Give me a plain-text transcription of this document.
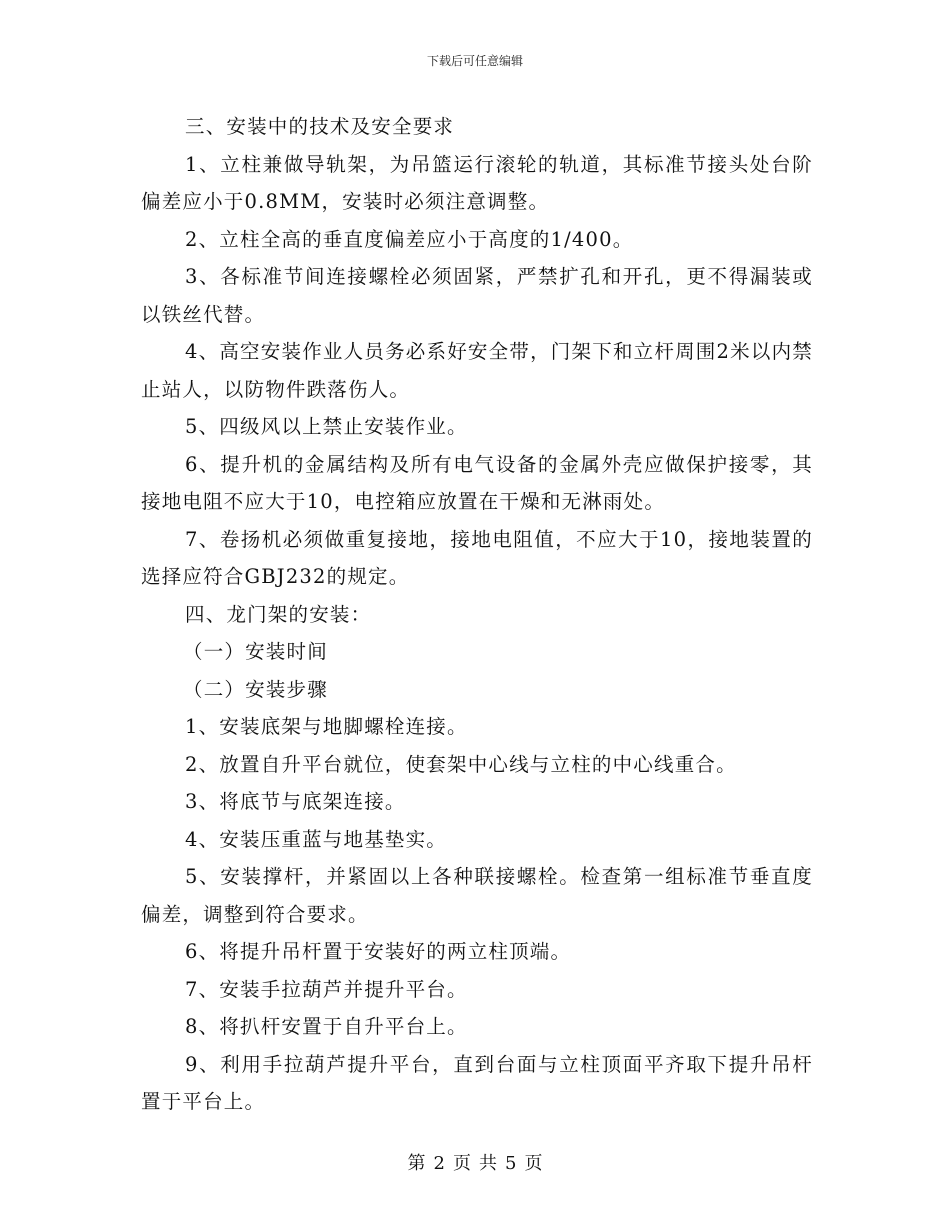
下载后可任意编辑

三、安装中的技术及安全要求

1、立柱兼做导轨架，为吊篮运行滚轮的轨道，其标准节接头处台阶偏差应小于0.8MM，安装时必须注意调整。

2、立柱全高的垂直度偏差应小于高度的1/400。

3、各标准节间连接螺栓必须固紧，严禁扩孔和开孔，更不得漏装或以铁丝代替。

4、高空安装作业人员务必系好安全带，门架下和立杆周围2米以内禁止站人，以防物件跌落伤人。

5、四级风以上禁止安装作业。

6、提升机的金属结构及所有电气设备的金属外壳应做保护接零，其接地电阻不应大于10，电控箱应放置在干燥和无淋雨处。

7、卷扬机必须做重复接地，接地电阻值，不应大于10，接地装置的选择应符合GBJ232的规定。

四、龙门架的安装：

（一）安装时间

（二）安装步骤

1、安装底架与地脚螺栓连接。

2、放置自升平台就位，使套架中心线与立柱的中心线重合。

3、将底节与底架连接。

4、安装压重蓝与地基垫实。

5、安装撑杆，并紧固以上各种联接螺栓。检查第一组标准节垂直度偏差，调整到符合要求。

6、将提升吊杆置于安装好的两立柱顶端。

7、安装手拉葫芦并提升平台。

8、将扒杆安置于自升平台上。

9、利用手拉葫芦提升平台，直到台面与立柱顶面平齐取下提升吊杆置于平台上。

第 2 页 共 5 页
